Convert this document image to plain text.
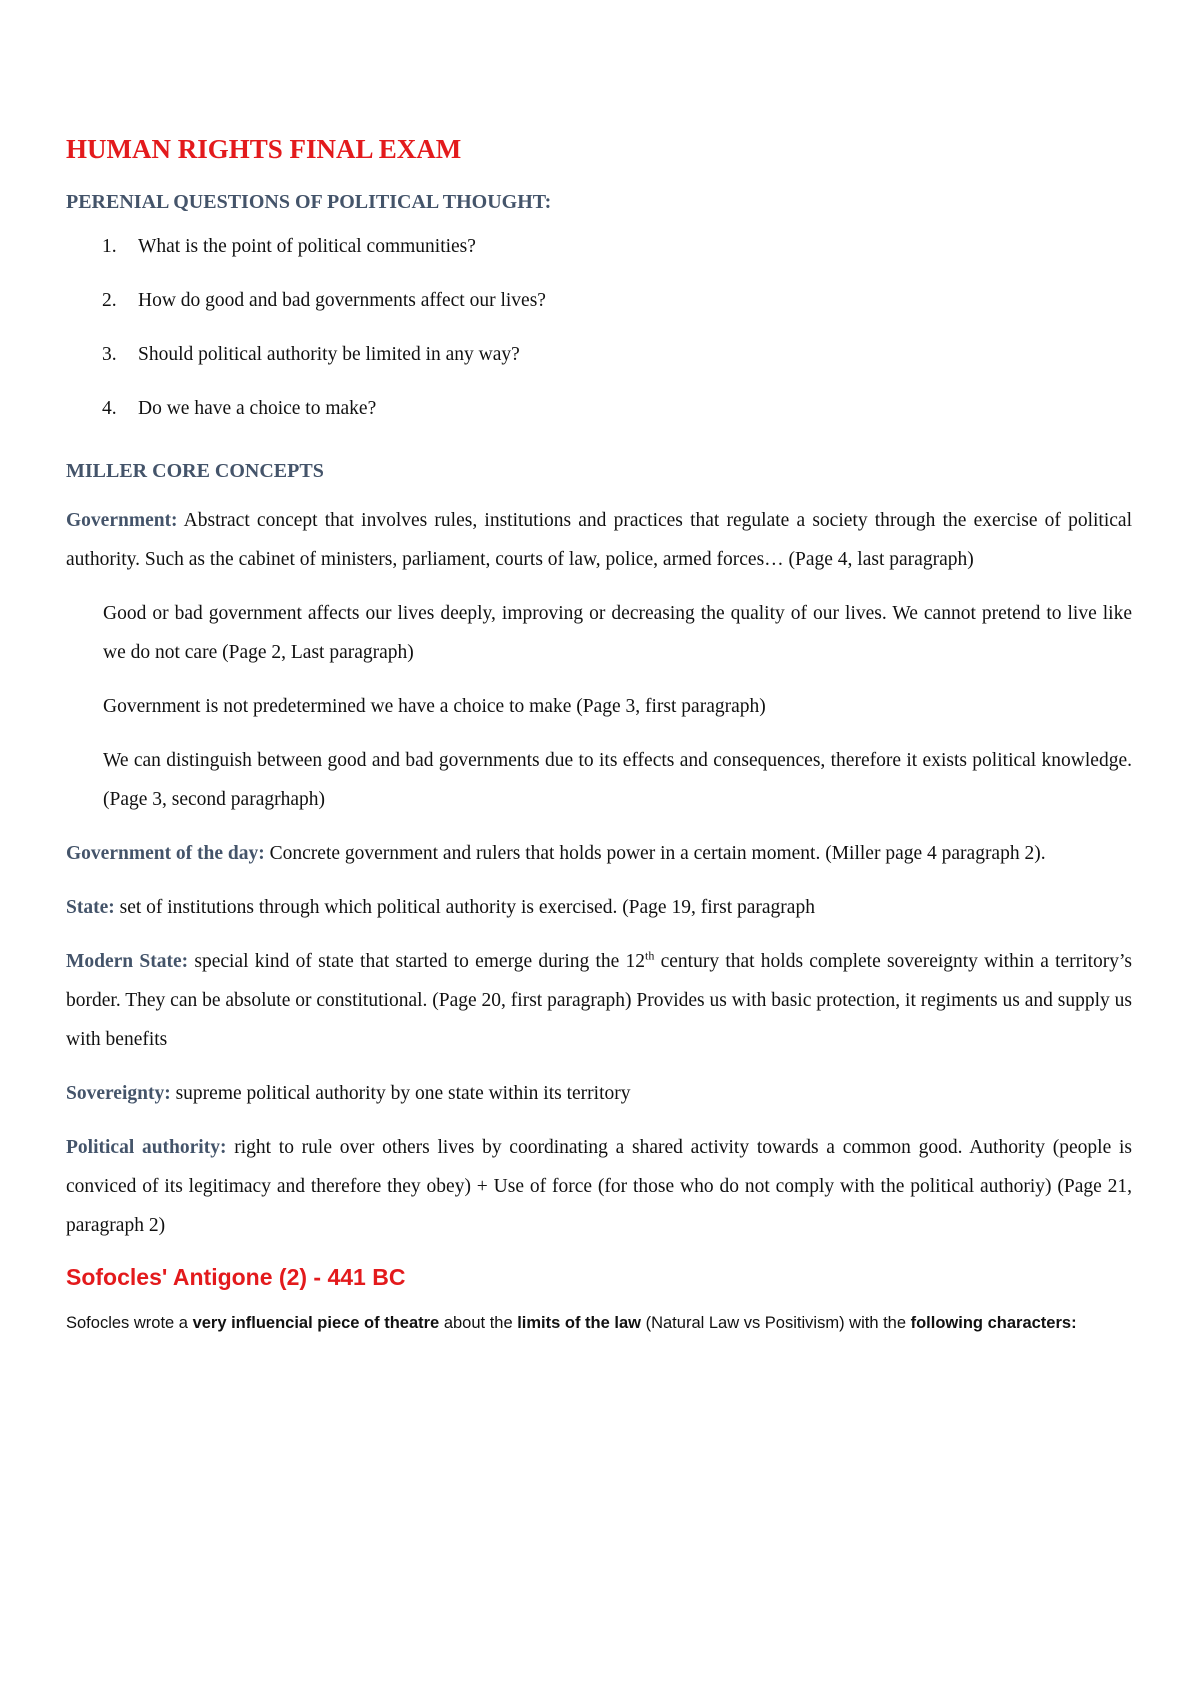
HUMAN RIGHTS FINAL EXAM
PERENIAL QUESTIONS OF POLITICAL THOUGHT:
1. What is the point of political communities?
2. How do good and bad governments affect our lives?
3. Should political authority be limited in any way?
4. Do we have a choice to make?
MILLER CORE CONCEPTS

Government: Abstract concept that involves rules, institutions and practices that regulate a society through the exercise of political authority. Such as the cabinet of ministers, parliament, courts of law, police, armed forces… (Page 4, last paragraph)

Good or bad government affects our lives deeply, improving or decreasing the quality of our lives. We cannot pretend to live like we do not care (Page 2, Last paragraph)

Government is not predetermined we have a choice to make (Page 3, first paragraph)

We can distinguish between good and bad governments due to its effects and consequences, therefore it exists political knowledge. (Page 3, second paragrhaph)

Government of the day: Concrete government and rulers that holds power in a certain moment. (Miller page 4 paragraph 2).

State: set of institutions through which political authority is exercised. (Page 19, first paragraph

Modern State: special kind of state that started to emerge during the 12th century that holds complete sovereignty within a territory’s border. They can be absolute or constitutional. (Page 20, first paragraph) Provides us with basic protection, it regiments us and supply us with benefits

Sovereignty: supreme political authority by one state within its territory

Political authority: right to rule over others lives by coordinating a shared activity towards a common good. Authority (people is conviced of its legitimacy and therefore they obey) + Use of force (for those who do not comply with the political authoriy) (Page 21, paragraph 2)

Sofocles' Antigone (2) - 441 BC

Sofocles wrote a very influencial piece of theatre about the limits of the law (Natural Law vs Positivism) with the following characters:
